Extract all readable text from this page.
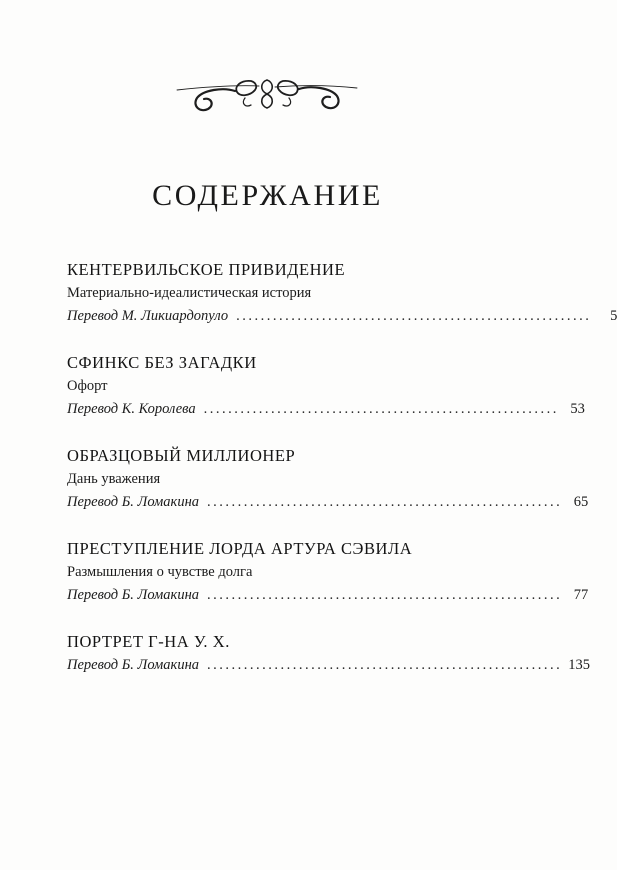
СОДЕРЖАНИЕ
КЕНТЕРВИЛЬСКОЕ ПРИВИДЕНИЕ
Материально-идеалистическая история
Перевод М. Ликиардопуло ..........................................................	5
СФИНКС БЕЗ ЗАГАДКИ
Офорт
Перевод К. Королева .......................................................... 53
ОБРАЗЦОВЫЙ МИЛЛИОНЕР
Дань уважения
Перевод Б. Ломакина .......................................................... 65
ПРЕСТУПЛЕНИЕ ЛОРДА АРТУРА СЭВИЛА
Размышления о чувстве долга
Перевод Б. Ломакина .......................................................... 77
ПОРТРЕТ Г-НА У. Х.
Перевод Б. Ломакина .......................................................... 135
